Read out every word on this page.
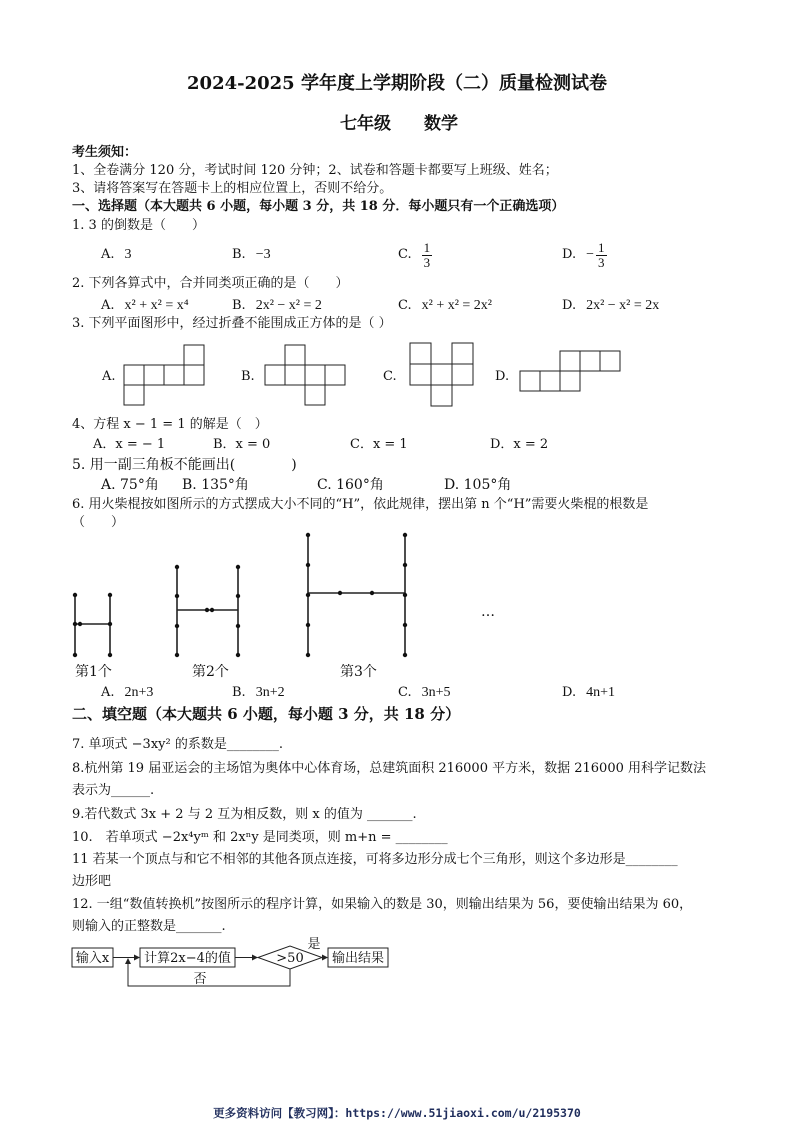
2024-2025 学年度上学期阶段（二）质量检测试卷
七年级 数学
考生须知：
1、全卷满分 120 分，考试时间 120 分钟；2、试卷和答题卡都要写上班级、姓名；
3、请将答案写在答题卡上的相应位置上，否则不给分。
一、选择题（本大题共 6 小题，每小题 3 分，共 18 分．每小题只有一个正确选项）
1. 3 的倒数是（　　）
A. 3	B. −3	C. $\frac{1}{3}$	D. − $\frac{1}{3}$
2. 下列各算式中，合并同类项正确的是（　　）
A. x² + x² = x⁴	B. 2x² − x² = 2	C. x² + x² = 2x²	D. 2x² − x² = 2x
3. 下列平面图形中，经过折叠不能围成正方体的是（ ）
A.	B.	C.	D.
4、方程 x − 1 = 1 的解是（　）
A．x = − 1	B．x = 0	C．x = 1	D．x = 2
5. 用一副三角板不能画出(　　　　)
A. 75°角 B. 135°角	C. 160°角	D. 105°角
6. 用火柴棍按如图所示的方式摆成大小不同的“H”，依此规律，摆出第 n 个“H”需要火柴棍的根数是
（　　）
…
第1个	第2个	第3个
A. 2n+3	B. 3n+2	C. 3n+5	D. 4n+1
二、填空题（本大题共 6 小题，每小题 3 分，共 18 分）
7. 单项式 −3xy² 的系数是________.
8.杭州第 19 届亚运会的主场馆为奥体中心体育场，总建筑面积 216000 平方米，数据 216000 用科学记数法
表示为______.
9.若代数式 3x + 2 与 2 互为相反数，则 x 的值为 _______.
10.　若单项式 −2x⁴yᵐ 和 2xⁿy 是同类项，则 m+n = ________
11 若某一个顶点与和它不相邻的其他各顶点连接，可将多边形分成七个三角形，则这个多边形是________
边形吧
12. 一组“数值转换机”按图所示的程序计算，如果输入的数是 30，则输出结果为 56，要使输出结果为 60，
则输入的正整数是_______.
输入x	计算2x−4的值	>50
是
输出结果
否
更多资料访问【教习网】：https://www.51jiaoxi.com/u/2195370
